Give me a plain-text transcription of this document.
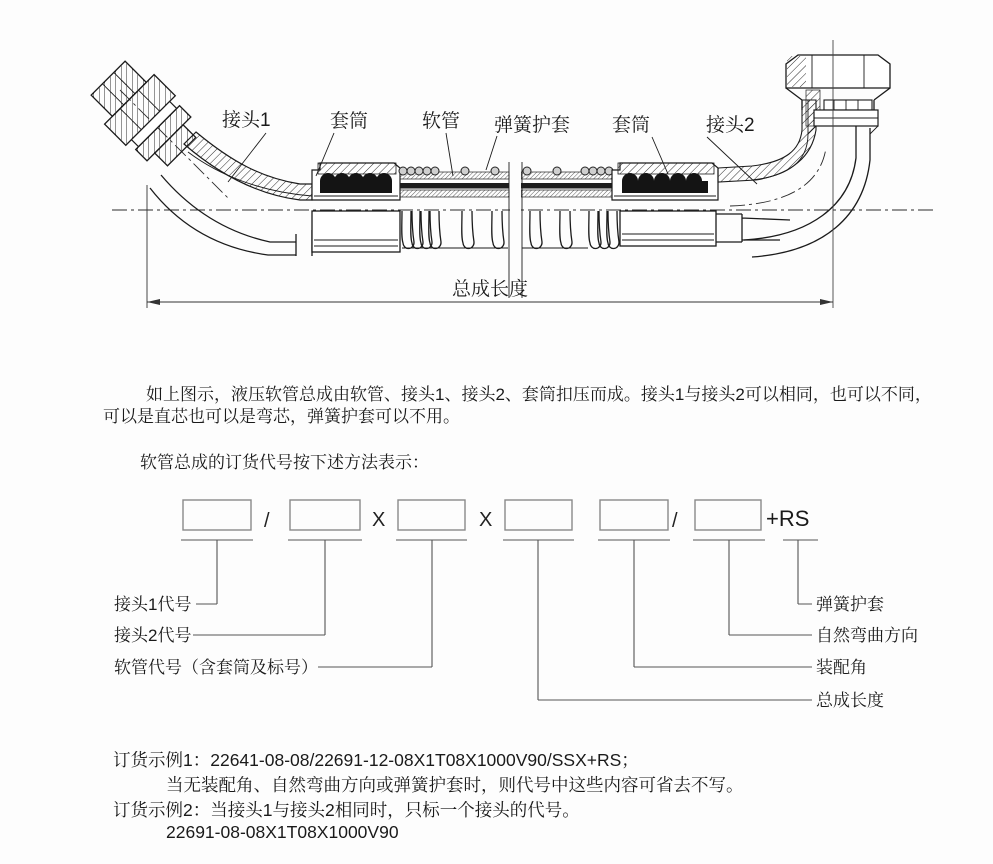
接头1	套筒	软管 弹簧护套 套筒	接头2
总成长度
如上图示，液压软管总成由软管、接头1、接头2、套筒扣压而成。接头1与接头2可以相同，也可以不同，
可以是直芯也可以是弯芯，弹簧护套可以不用。
软管总成的订货代号按下述方法表示：
/	X	X	/	+RS
接头1代号
接头2代号
软管代号（含套筒及标号）
弹簧护套
自然弯曲方向
装配角
总成长度
订货示例1：22641-08-08/22691-12-08X1T08X1000V90/SSX+RS；
当无装配角、自然弯曲方向或弹簧护套时，则代号中这些内容可省去不写。
订货示例2：当接头1与接头2相同时，只标一个接头的代号。
22691-08-08X1T08X1000V90
